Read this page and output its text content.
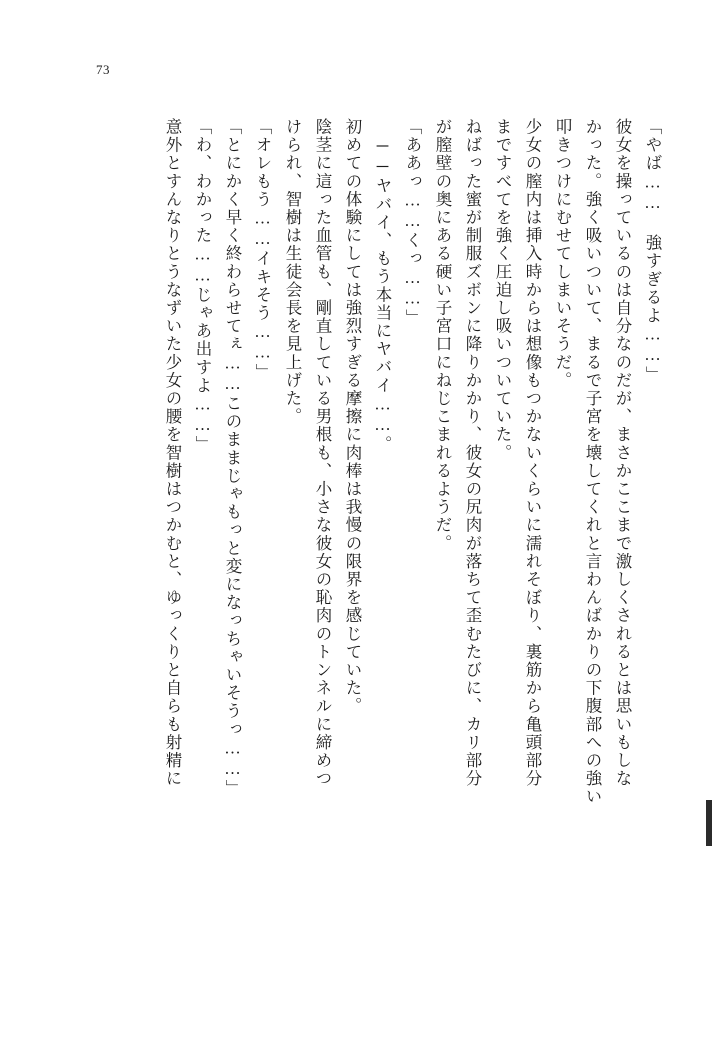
73
「やば…… 強すぎるよ……」
彼女を操っているのは自分なのだが、まさかここまで激しくされるとは思いもしな
かった。強く吸いついて、まるで子宮を壊してくれと言わんばかりの下腹部への強い
叩きつけにむせてしまいそうだ。
少女の膣内は挿入時からは想像もつかないくらいに濡れそぼり、裏筋から亀頭部分
まですべてを強く圧迫し吸いついていた。
ねばった蜜が制服ズボンに降りかかり、彼女の尻肉が落ちて歪むたびに、カリ部分
が膣壁の奥にある硬い子宮口にねじこまれるようだ。
「ああっ……くっ……」
──ヤバイ、もう本当にヤバイ……。
初めての体験にしては強烈すぎる摩擦に肉棒は我慢の限界を感じていた。
陰茎に這った血管も、剛直している男根も、小さな彼女の恥肉のトンネルに締めつ
けられ、智樹は生徒会長を見上げた。
「オレもう……イキそう……」
「とにかく早く終わらせてぇ……このままじゃもっと変になっちゃいそうっ……」
「わ、わかった……じゃあ出すよ……」
意外とすんなりとうなずいた少女の腰を智樹はつかむと、ゆっくりと自らも射精に
